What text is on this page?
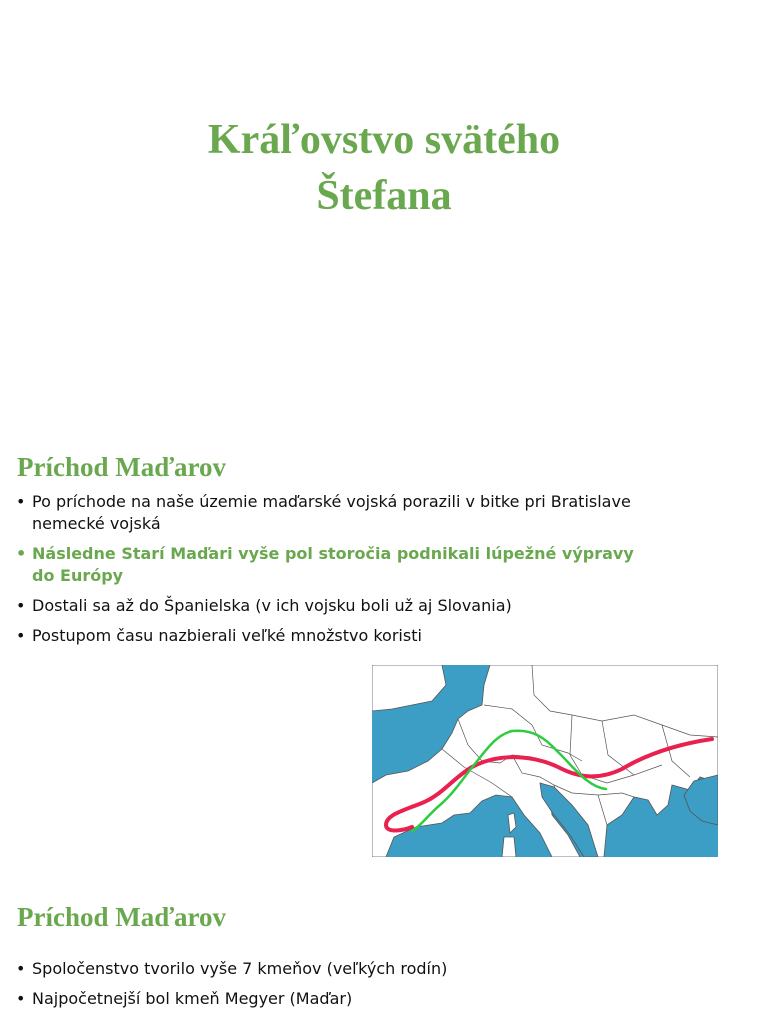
Kráľovstvo svätého
Štefana
Príchod Maďarov
• Po príchode na naše územie maďarské vojská porazili v bitke pri Bratislave nemecké vojská
• Následne Starí Maďari vyše pol storočia podnikali lúpežné výpravy do Európy
• Dostali sa až do Španielska (v ich vojsku boli už aj Slovania)
• Postupom času nazbierali veľké množstvo koristi
Príchod Maďarov
• Spoločenstvo tvorilo vyše 7 kmeňov (veľkých rodín)
• Najpočetnejší bol kmeň Megyer (Maďar)
